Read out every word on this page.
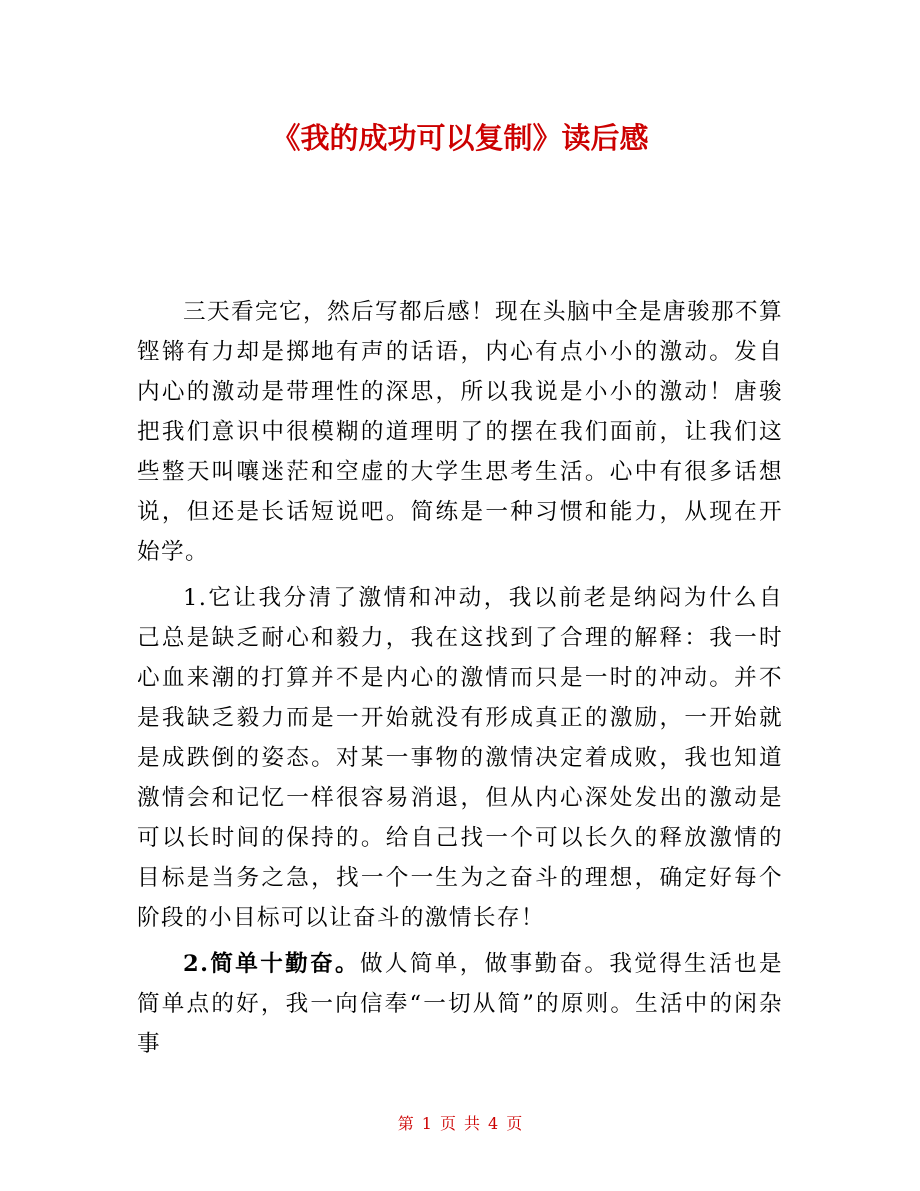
《我的成功可以复制》读后感

三天看完它，然后写都后感！现在头脑中全是唐骏那不算铿锵有力却是掷地有声的话语，内心有点小小的激动。发自内心的激动是带理性的深思，所以我说是小小的激动！唐骏把我们意识中很模糊的道理明了的摆在我们面前，让我们这些整天叫嚷迷茫和空虚的大学生思考生活。心中有很多话想说，但还是长话短说吧。简练是一种习惯和能力，从现在开始学。

1.它让我分清了激情和冲动，我以前老是纳闷为什么自己总是缺乏耐心和毅力，我在这找到了合理的解释：我一时心血来潮的打算并不是内心的激情而只是一时的冲动。并不是我缺乏毅力而是一开始就没有形成真正的激励，一开始就是成跌倒的姿态。对某一事物的激情决定着成败，我也知道激情会和记忆一样很容易消退，但从内心深处发出的激动是可以长时间的保持的。给自己找一个可以长久的释放激情的目标是当务之急，找一个一生为之奋斗的理想，确定好每个阶段的小目标可以让奋斗的激情长存！

2.简单十勤奋。做人简单，做事勤奋。我觉得生活也是简单点的好，我一向信奉“一切从简”的原则。生活中的闲杂事

第 1 页 共 4 页
